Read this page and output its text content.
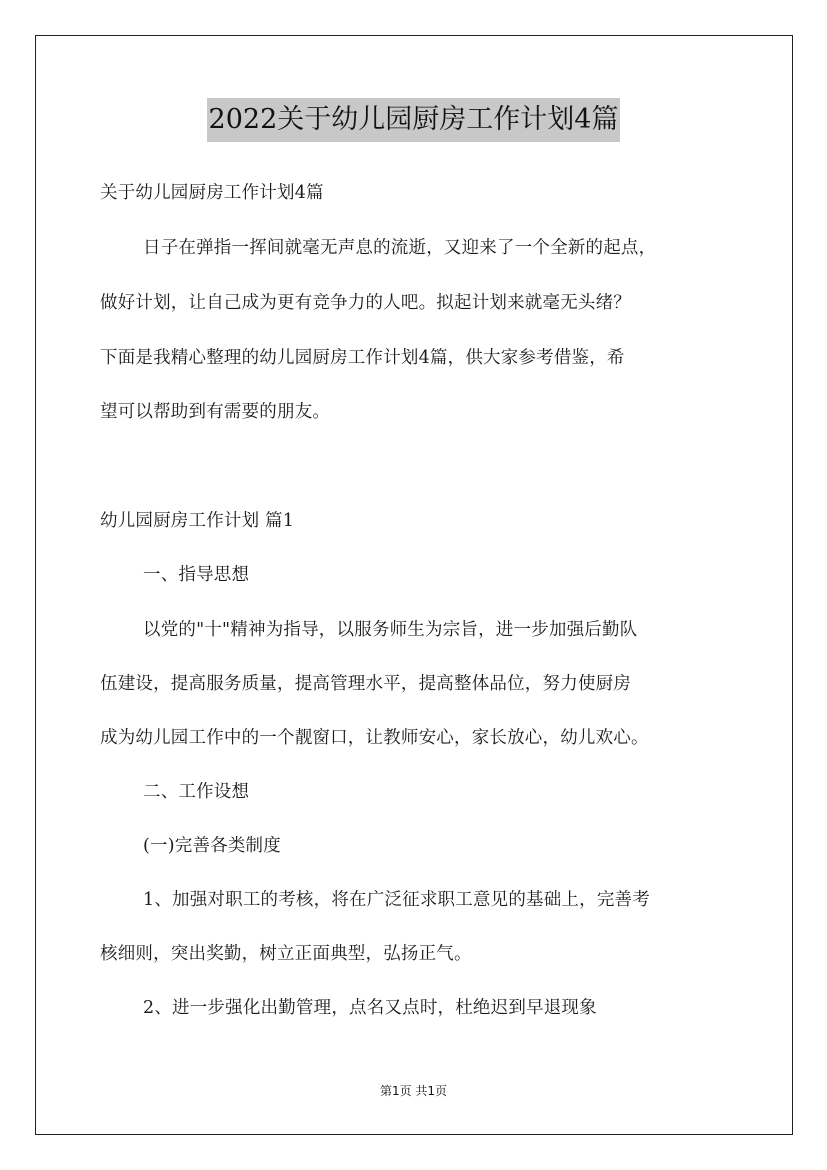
2022关于幼儿园厨房工作计划4篇
关于幼儿园厨房工作计划4篇
日子在弹指一挥间就毫无声息的流逝，又迎来了一个全新的起点，
做好计划，让自己成为更有竞争力的人吧。拟起计划来就毫无头绪？
下面是我精心整理的幼儿园厨房工作计划4篇，供大家参考借鉴，希
望可以帮助到有需要的朋友。
幼儿园厨房工作计划 篇1
一、指导思想
以党的"十"精神为指导，以服务师生为宗旨，进一步加强后勤队
伍建设，提高服务质量，提高管理水平，提高整体品位，努力使厨房
成为幼儿园工作中的一个靓窗口，让教师安心，家长放心，幼儿欢心。
二、工作设想
(一)完善各类制度
1、加强对职工的考核，将在广泛征求职工意见的基础上，完善考
核细则，突出奖勤，树立正面典型，弘扬正气。
2、进一步强化出勤管理，点名又点时，杜绝迟到早退现象
第1页 共1页
